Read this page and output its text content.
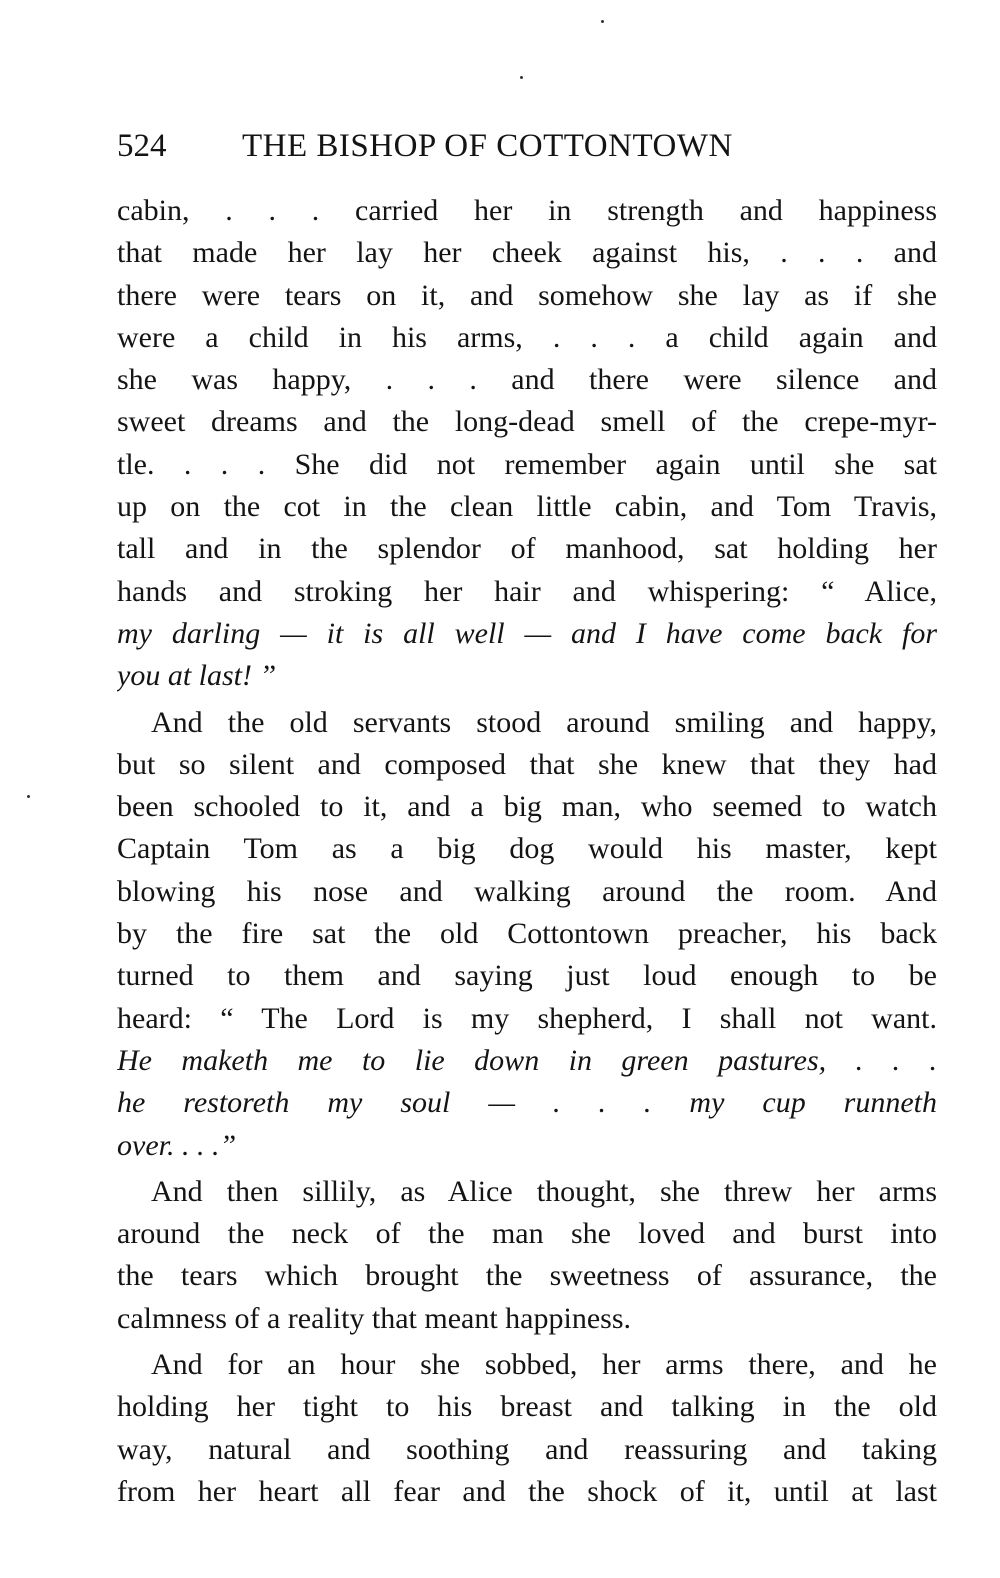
524 THE BISHOP OF COTTONTOWN
cabin, . . . carried her in strength and happiness
that made her lay her cheek against his, . . . and
there were tears on it, and somehow she lay as if she
were a child in his arms, . . . a child again and
she was happy, . . . and there were silence and
sweet dreams and the long-dead smell of the crepe-myr-
tle. . . . She did not remember again until she sat
up on the cot in the clean little cabin, and Tom Travis,
tall and in the splendor of manhood, sat holding her
hands and stroking her hair and whispering: “ Alice,
my darling — it is all well — and I have come back for
you at last! ”
And the old servants stood around smiling and happy,
but so silent and composed that she knew that they had
been schooled to it, and a big man, who seemed to watch
Captain Tom as a big dog would his master, kept
blowing his nose and walking around the room. And
by the fire sat the old Cottontown preacher, his back
turned to them and saying just loud enough to be
heard: “ The Lord is my shepherd, I shall not want.
He maketh me to lie down in green pastures, . . .
he restoreth my soul — . . . my cup runneth
over. . . .”
And then sillily, as Alice thought, she threw her arms
around the neck of the man she loved and burst into
the tears which brought the sweetness of assurance, the
calmness of a reality that meant happiness.
And for an hour she sobbed, her arms there, and he
holding her tight to his breast and talking in the old
way, natural and soothing and reassuring and taking
from her heart all fear and the shock of it, until at last
